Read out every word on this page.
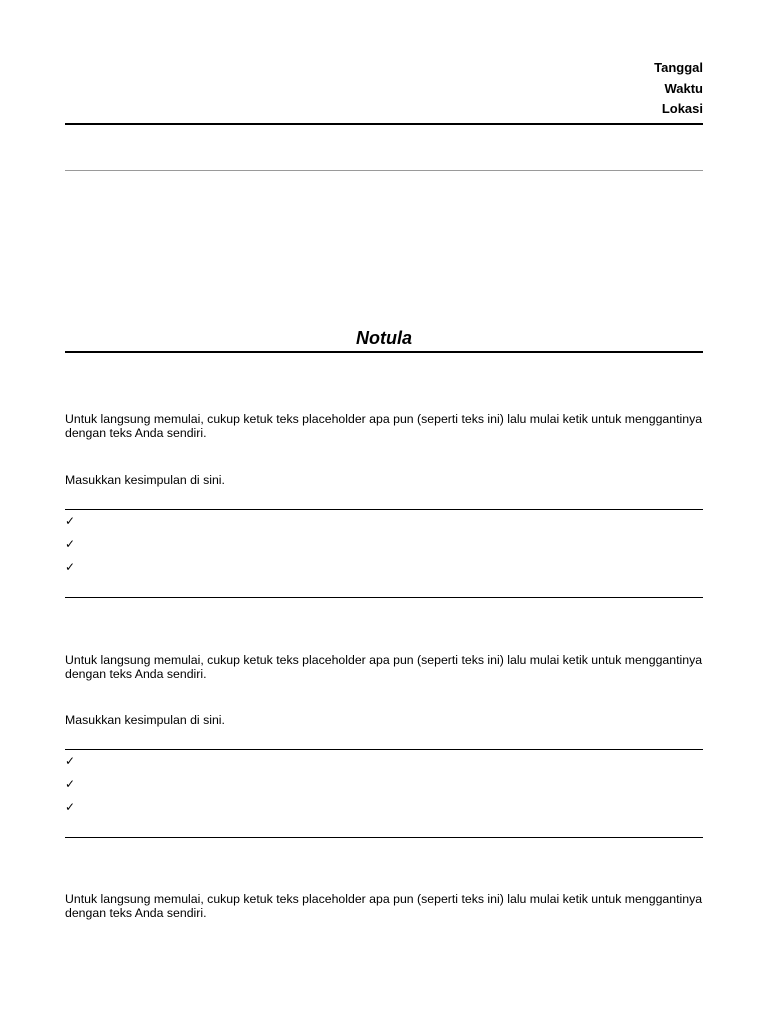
Tanggal
Waktu
Lokasi
Notula
Untuk langsung memulai, cukup ketuk teks placeholder apa pun (seperti teks ini) lalu mulai ketik untuk menggantinya dengan teks Anda sendiri.
Masukkan kesimpulan di sini.
✓
✓
✓
Untuk langsung memulai, cukup ketuk teks placeholder apa pun (seperti teks ini) lalu mulai ketik untuk menggantinya dengan teks Anda sendiri.
Masukkan kesimpulan di sini.
✓
✓
✓
Untuk langsung memulai, cukup ketuk teks placeholder apa pun (seperti teks ini) lalu mulai ketik untuk menggantinya dengan teks Anda sendiri.
